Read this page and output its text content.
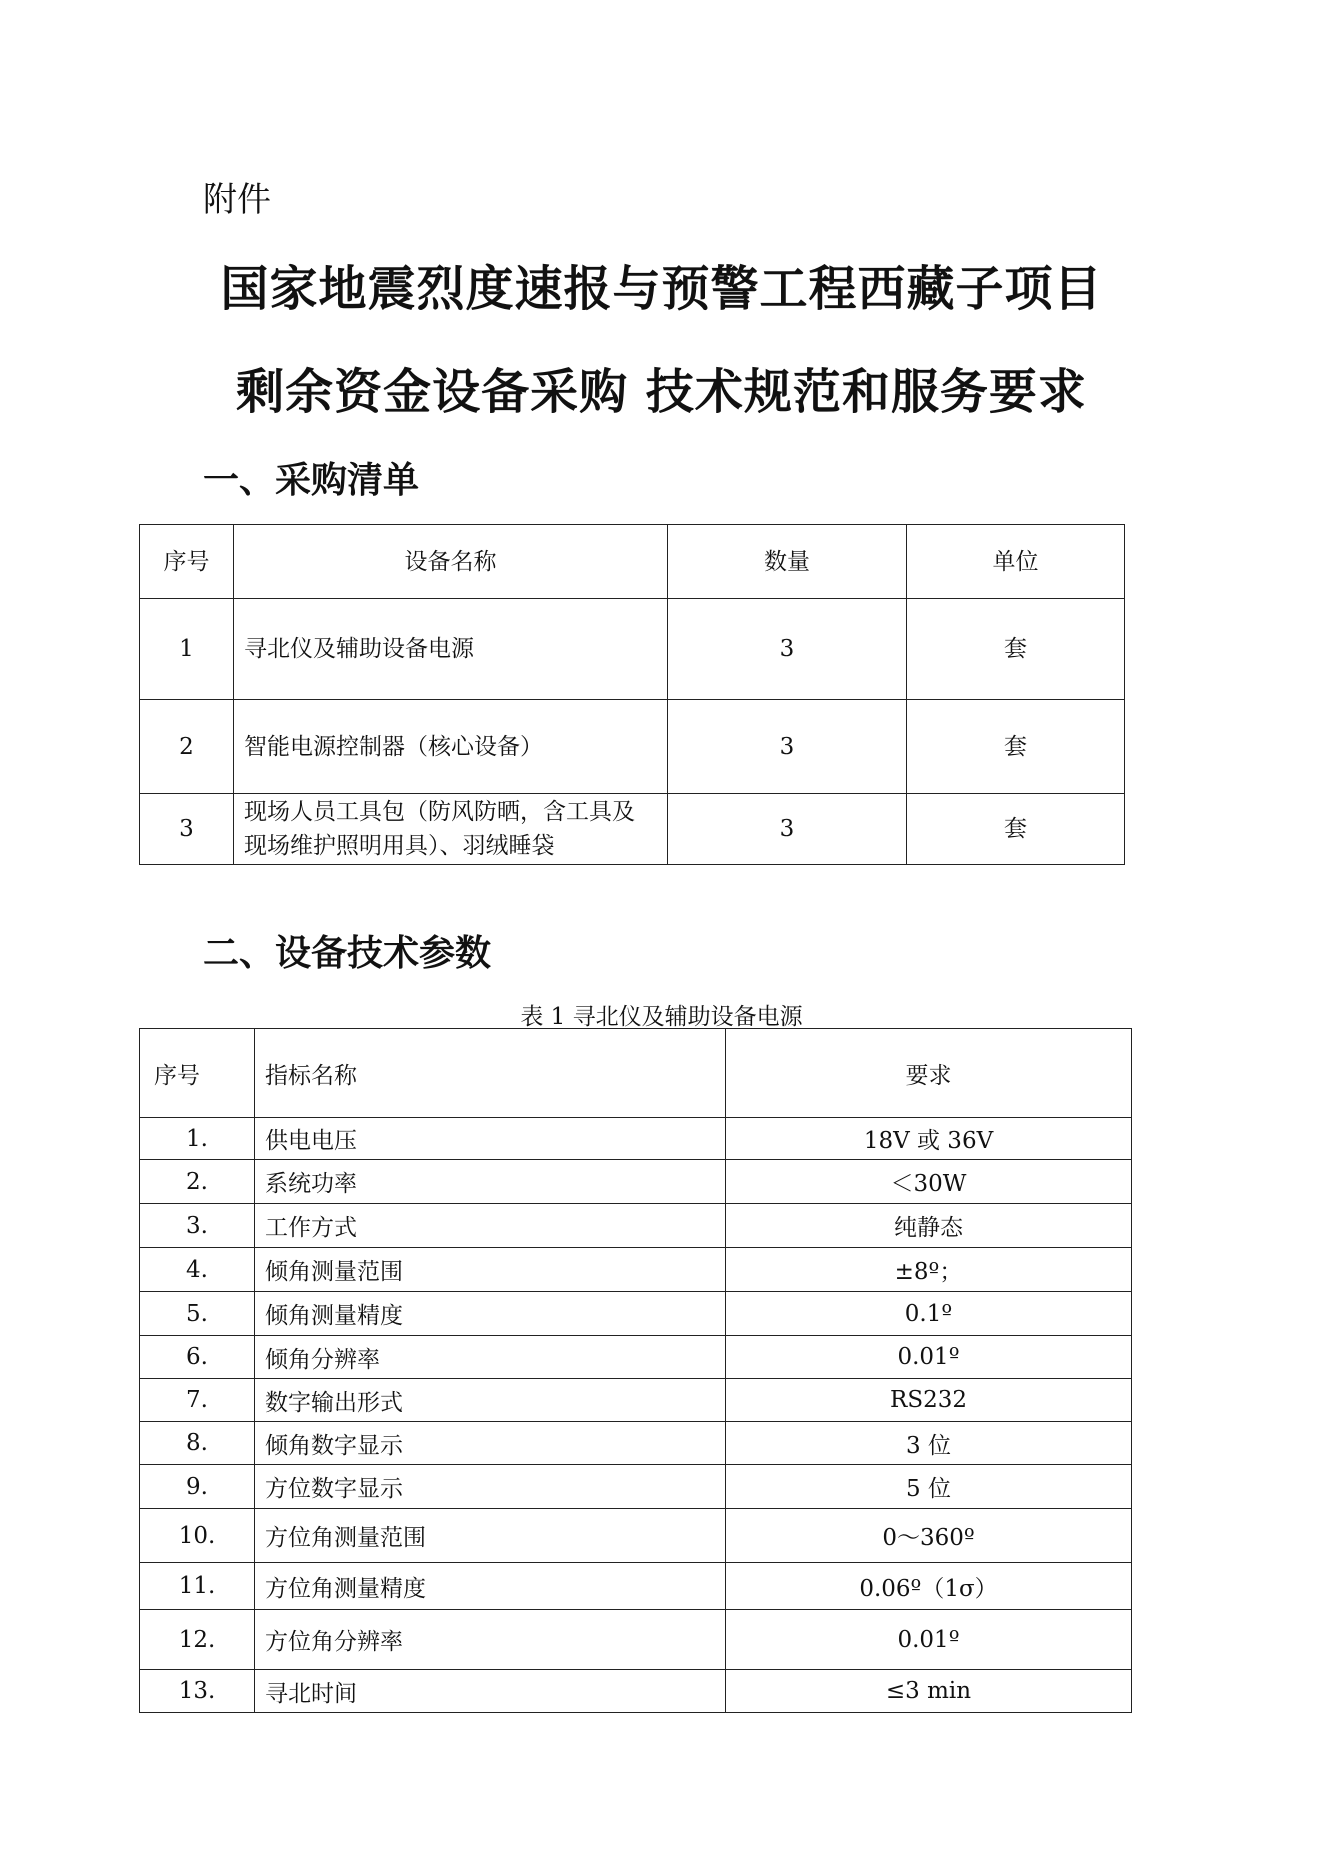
附件
国家地震烈度速报与预警工程西藏子项目
剩余资金设备采购 技术规范和服务要求
一、采购清单
序号	设备名称	数量	单位
1	寻北仪及辅助设备电源	3	套
2	智能电源控制器（核心设备）	3	套
3	现场人员工具包（防风防晒，含工具及现场维护照明用具）、羽绒睡袋	3	套
二、设备技术参数
表 1 寻北仪及辅助设备电源
序号	指标名称	要求
1.	供电电压	18V 或 36V
2.	系统功率	＜30W
3.	工作方式	纯静态
4.	倾角测量范围	±8º；
5.	倾角测量精度	0.1º
6.	倾角分辨率	0.01º
7.	数字输出形式	RS232
8.	倾角数字显示	3 位
9.	方位数字显示	5 位
10.	方位角测量范围	0～360º
11.	方位角测量精度	0.06º（1σ）
12.	方位角分辨率	0.01º
13.	寻北时间	≤3 min
